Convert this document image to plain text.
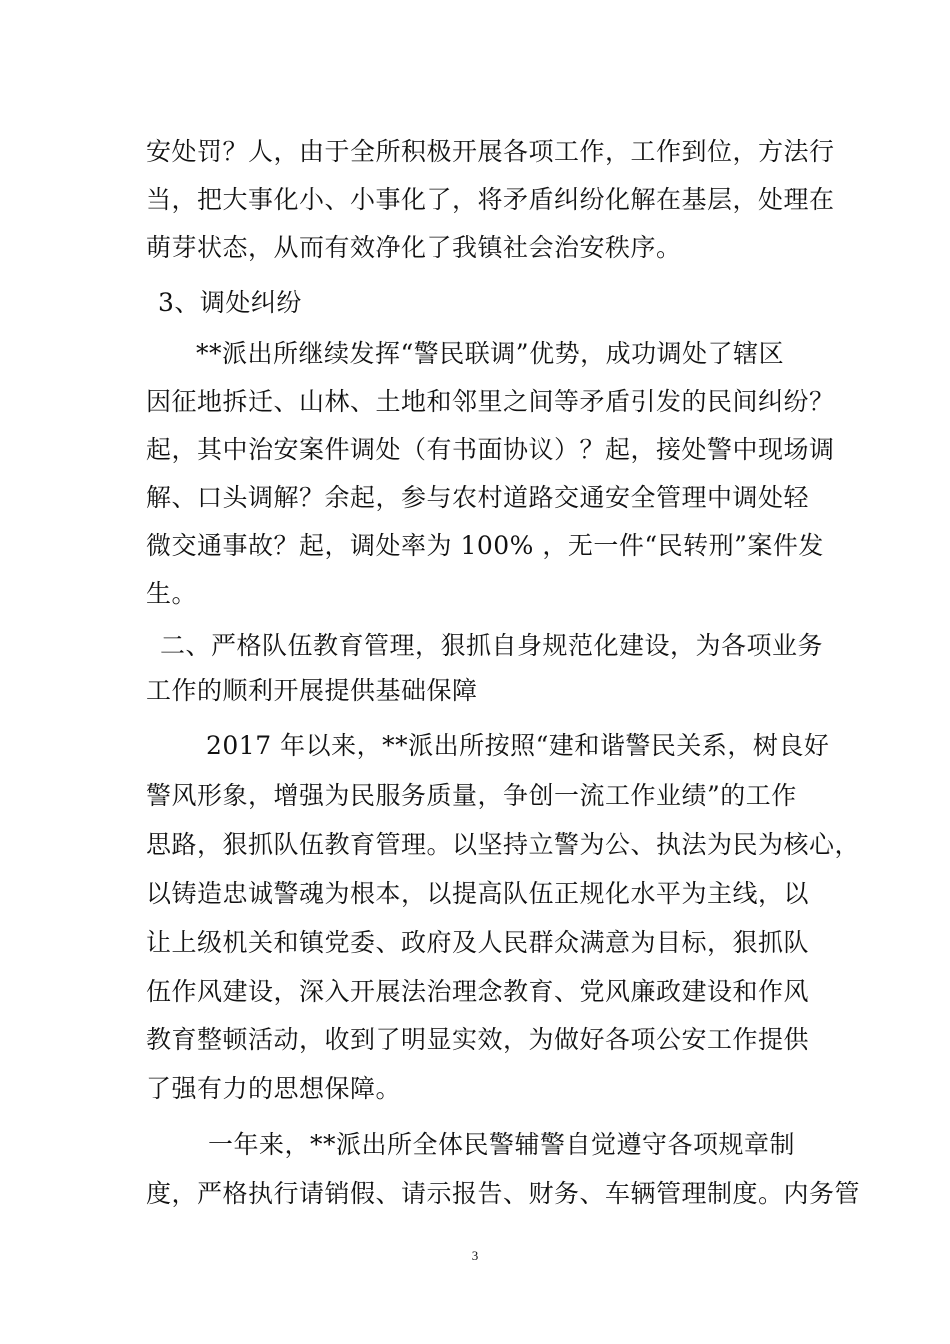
安处罚？人，由于全所积极开展各项工作，工作到位，方法行
当，把大事化小、小事化了，将矛盾纠纷化解在基层，处理在
萌芽状态，从而有效净化了我镇社会治安秩序。
3、调处纠纷
**派出所继续发挥“警民联调”优势，成功调处了辖区
因征地拆迁、山林、土地和邻里之间等矛盾引发的民间纠纷？
起，其中治安案件调处（有书面协议）？起，接处警中现场调
解、口头调解？余起，参与农村道路交通安全管理中调处轻
微交通事故？起，调处率为 100% ，无一件“民转刑”案件发
生。
二、严格队伍教育管理，狠抓自身规范化建设，为各项业务
工作的顺利开展提供基础保障
2017 年以来，**派出所按照“建和谐警民关系，树良好
警风形象，增强为民服务质量，争创一流工作业绩”的工作
思路，狠抓队伍教育管理。以坚持立警为公、执法为民为核心，
以铸造忠诚警魂为根本，以提高队伍正规化水平为主线，以
让上级机关和镇党委、政府及人民群众满意为目标，狠抓队
伍作风建设，深入开展法治理念教育、党风廉政建设和作风
教育整顿活动，收到了明显实效，为做好各项公安工作提供
了强有力的思想保障。
一年来，**派出所全体民警辅警自觉遵守各项规章制
度，严格执行请销假、请示报告、财务、车辆管理制度。内务管
3
